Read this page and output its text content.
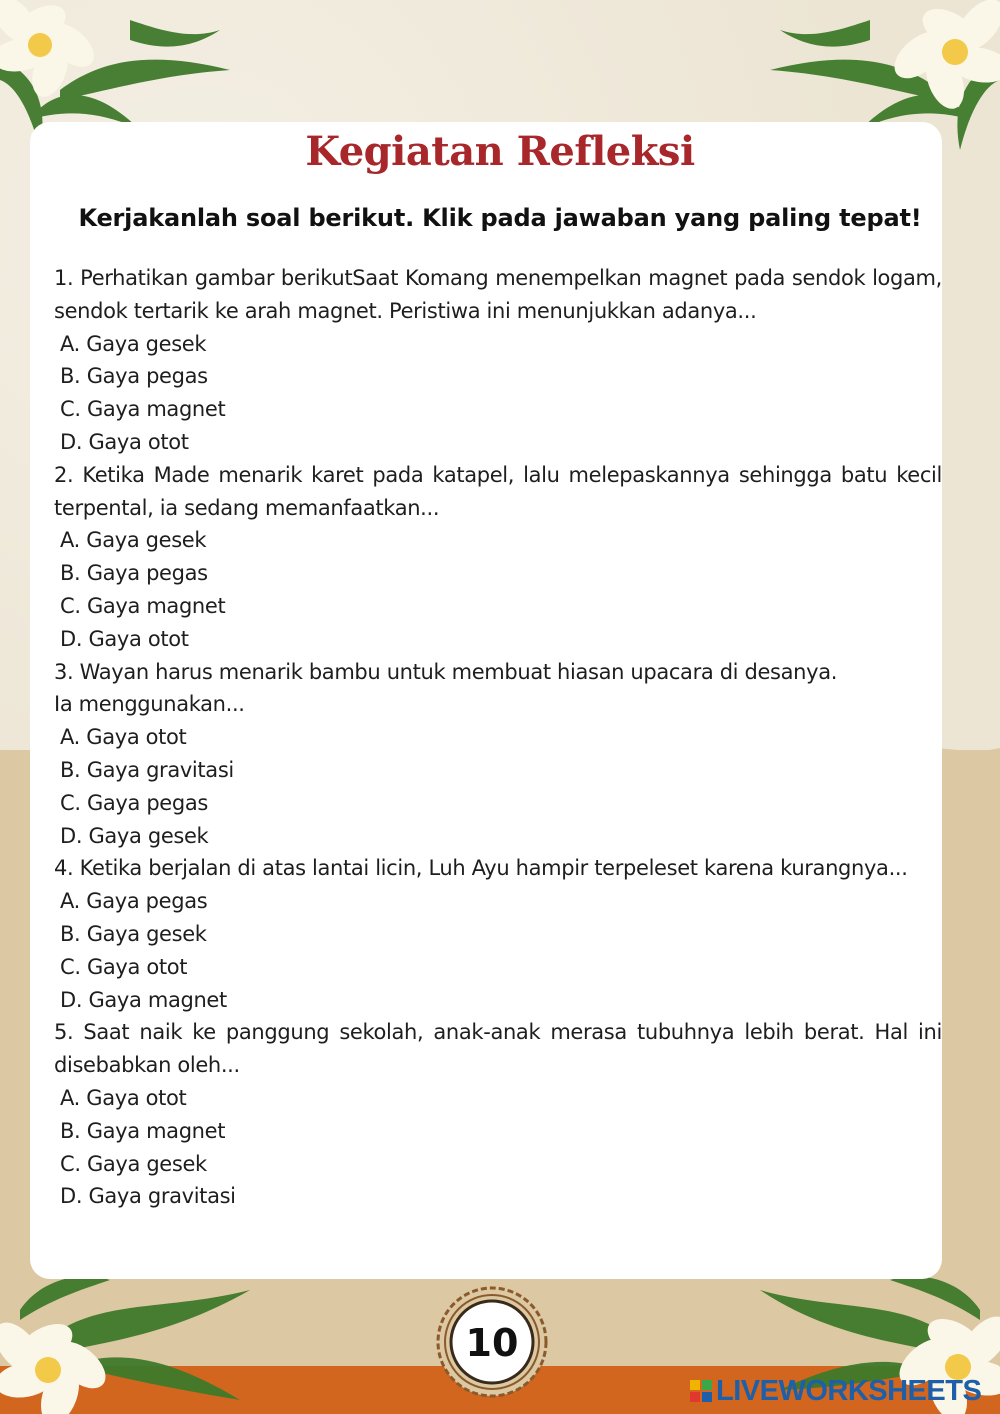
Kegiatan Refleksi
Kerjakanlah soal berikut. Klik pada jawaban yang paling tepat!
1. Perhatikan gambar berikutSaat Komang menempelkan magnet pada sendok logam, sendok tertarik ke arah magnet. Peristiwa ini menunjukkan adanya...
A. Gaya gesek
B. Gaya pegas
C. Gaya magnet
D. Gaya otot
2. Ketika Made menarik karet pada katapel, lalu melepaskannya sehingga batu kecil terpental, ia sedang memanfaatkan...
A. Gaya gesek
B. Gaya pegas
C. Gaya magnet
D. Gaya otot
3. Wayan harus menarik bambu untuk membuat hiasan upacara di desanya.
Ia menggunakan...
A. Gaya otot
B. Gaya gravitasi
C. Gaya pegas
D. Gaya gesek
4. Ketika berjalan di atas lantai licin, Luh Ayu hampir terpeleset karena kurangnya...
A. Gaya pegas
B. Gaya gesek
C. Gaya otot
D. Gaya magnet
5. Saat naik ke panggung sekolah, anak-anak merasa tubuhnya lebih berat. Hal ini disebabkan oleh...
A. Gaya otot
B. Gaya magnet
C. Gaya gesek
D. Gaya gravitasi
10
LIVEWORKSHEETS
